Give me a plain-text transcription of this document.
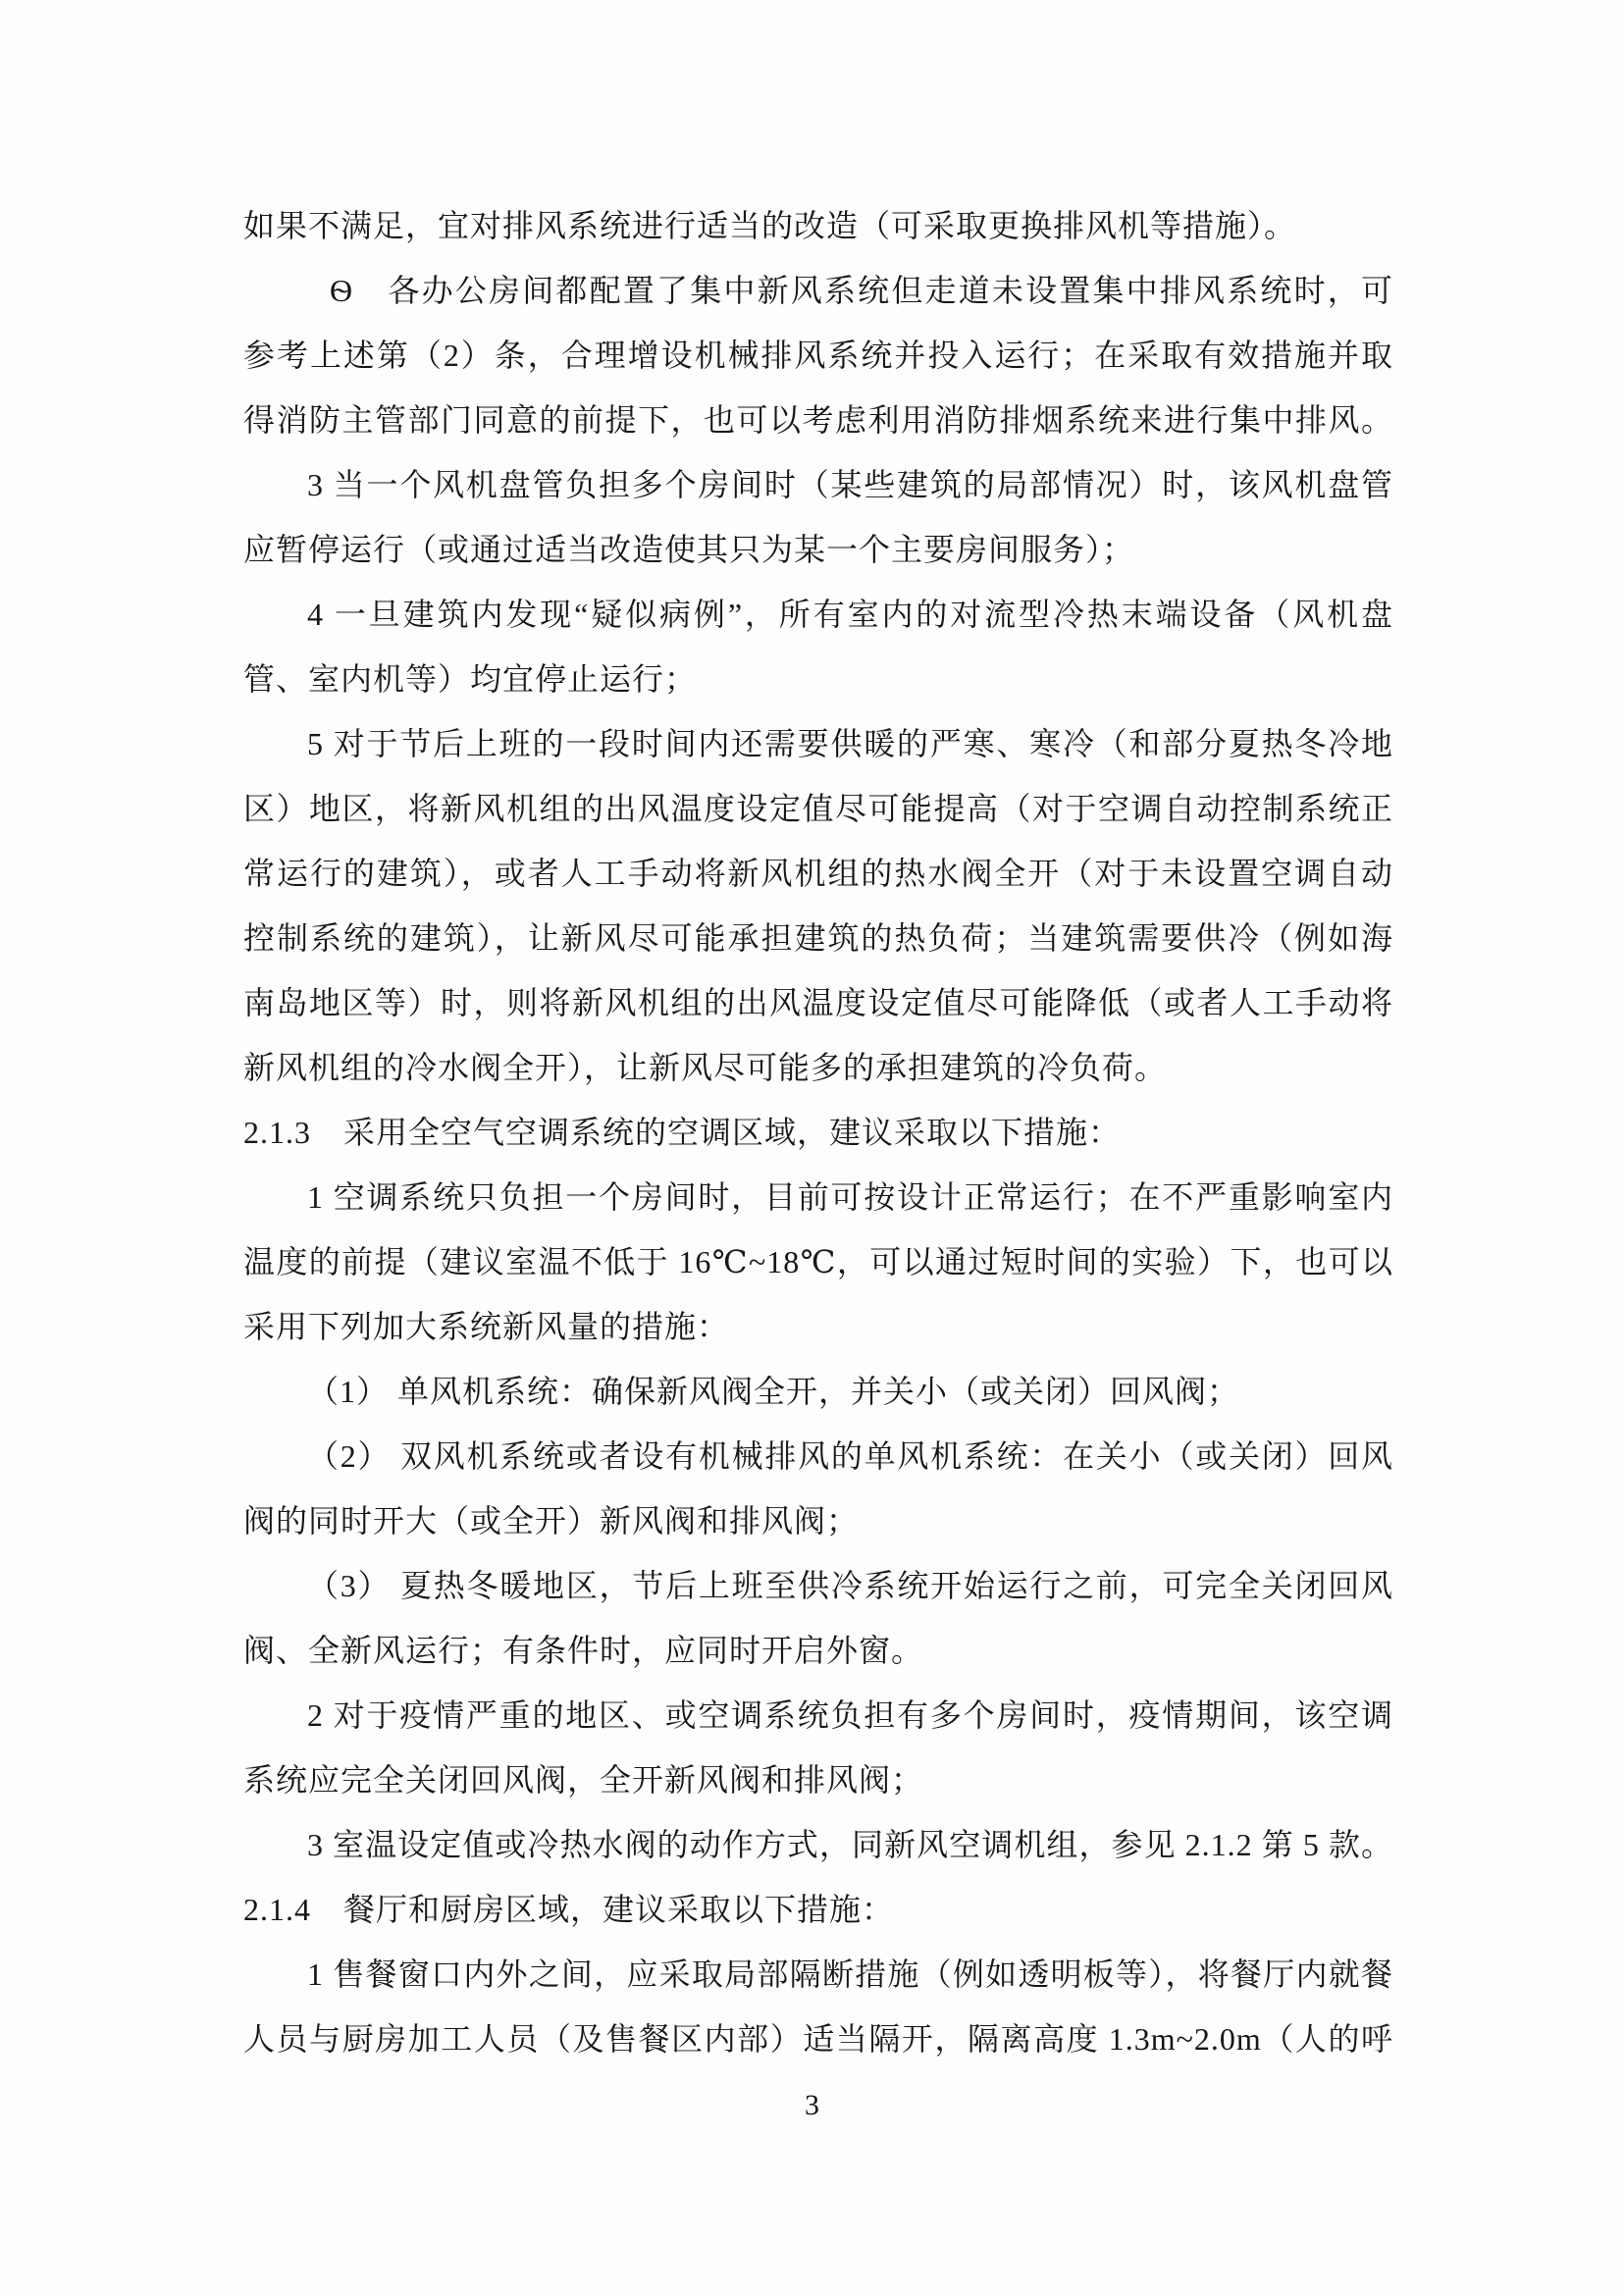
如果不满足，宜对排风系统进行适当的改造（可采取更换排风机等措施）。
Ѳ　各办公房间都配置了集中新风系统但走道未设置集中排风系统时，可
参考上述第（2）条，合理增设机械排风系统并投入运行；在采取有效措施并取
得消防主管部门同意的前提下，也可以考虑利用消防排烟系统来进行集中排风。
3 当一个风机盘管负担多个房间时（某些建筑的局部情况）时，该风机盘管
应暂停运行（或通过适当改造使其只为某一个主要房间服务）；
4 一旦建筑内发现“疑似病例”，所有室内的对流型冷热末端设备（风机盘
管、室内机等）均宜停止运行；
5 对于节后上班的一段时间内还需要供暖的严寒、寒冷（和部分夏热冬冷地
区）地区，将新风机组的出风温度设定值尽可能提高（对于空调自动控制系统正
常运行的建筑），或者人工手动将新风机组的热水阀全开（对于未设置空调自动
控制系统的建筑），让新风尽可能承担建筑的热负荷；当建筑需要供冷（例如海
南岛地区等）时，则将新风机组的出风温度设定值尽可能降低（或者人工手动将
新风机组的冷水阀全开），让新风尽可能多的承担建筑的冷负荷。
2.1.3　采用全空气空调系统的空调区域，建议采取以下措施：
1 空调系统只负担一个房间时，目前可按设计正常运行；在不严重影响室内
温度的前提（建议室温不低于 16℃~18℃，可以通过短时间的实验）下，也可以
采用下列加大系统新风量的措施：
（1） 单风机系统：确保新风阀全开，并关小（或关闭）回风阀；
（2） 双风机系统或者设有机械排风的单风机系统：在关小（或关闭）回风
阀的同时开大（或全开）新风阀和排风阀；
（3） 夏热冬暖地区，节后上班至供冷系统开始运行之前，可完全关闭回风
阀、全新风运行；有条件时，应同时开启外窗。
2 对于疫情严重的地区、或空调系统负担有多个房间时，疫情期间，该空调
系统应完全关闭回风阀，全开新风阀和排风阀；
3 室温设定值或冷热水阀的动作方式，同新风空调机组，参见 2.1.2 第 5 款。
2.1.4　餐厅和厨房区域，建议采取以下措施：
1 售餐窗口内外之间，应采取局部隔断措施（例如透明板等），将餐厅内就餐
人员与厨房加工人员（及售餐区内部）适当隔开，隔离高度 1.3m~2.0m（人的呼
3
